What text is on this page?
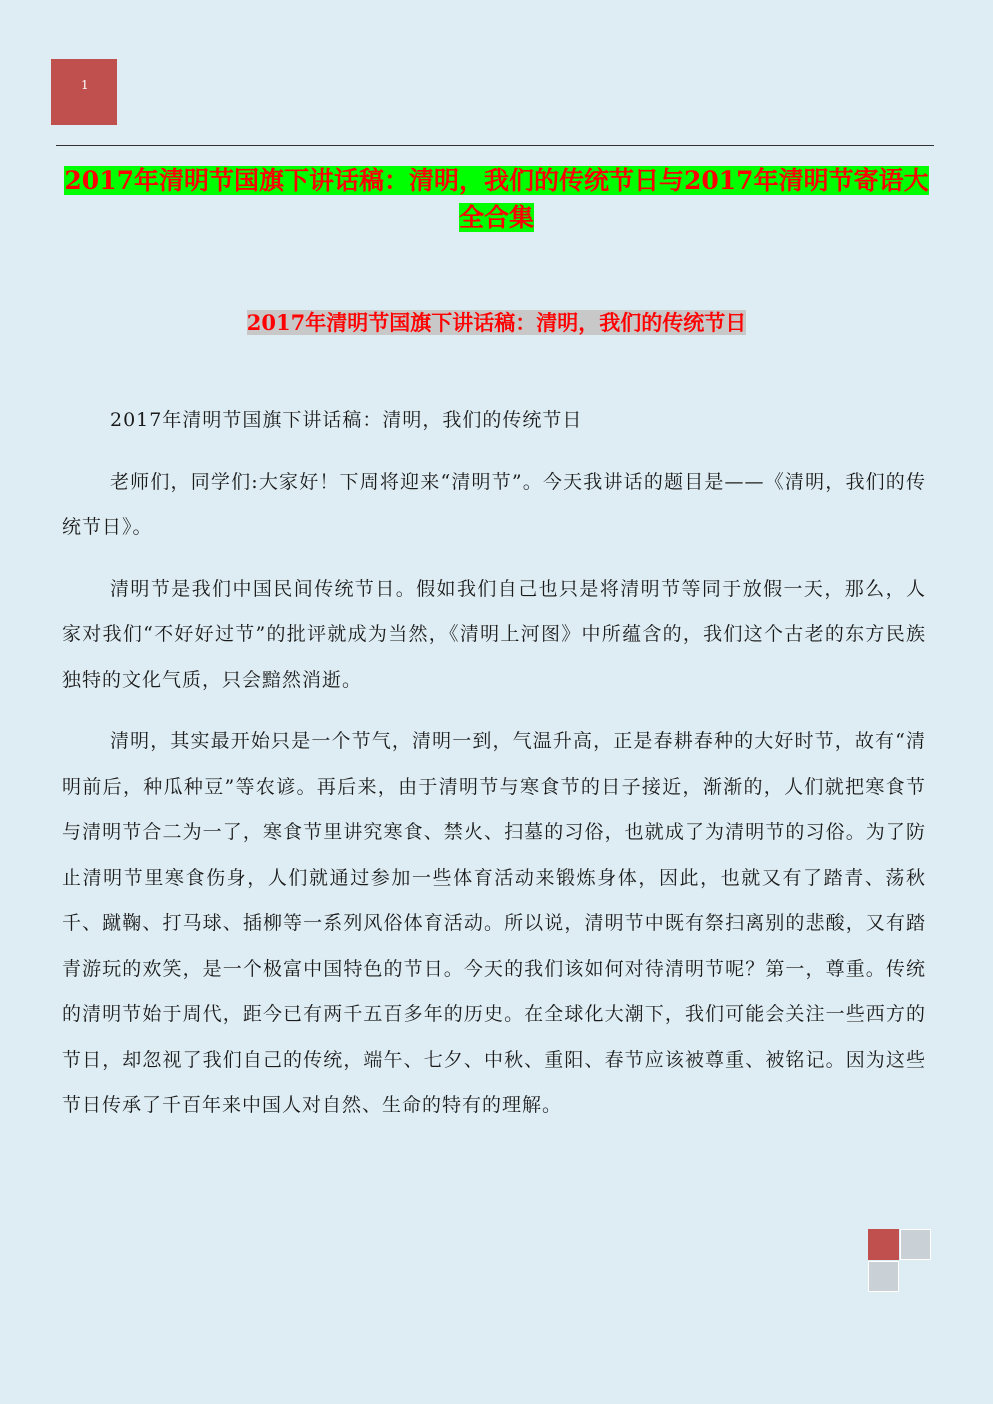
1
2017年清明节国旗下讲话稿：清明，我们的传统节日与2017年清明节寄语大全合集
2017年清明节国旗下讲话稿：清明，我们的传统节日

2017年清明节国旗下讲话稿：清明，我们的传统节日

老师们，同学们:大家好！下周将迎来“清明节”。今天我讲话的题目是——《清明，我们的传统节日》。

清明节是我们中国民间传统节日。假如我们自己也只是将清明节等同于放假一天，那么，人家对我们“不好好过节”的批评就成为当然，《清明上河图》中所蕴含的，我们这个古老的东方民族独特的文化气质，只会黯然消逝。

清明，其实最开始只是一个节气，清明一到，气温升高，正是春耕春种的大好时节，故有“清明前后，种瓜种豆”等农谚。再后来，由于清明节与寒食节的日子接近，渐渐的，人们就把寒食节与清明节合二为一了，寒食节里讲究寒食、禁火、扫墓的习俗，也就成了为清明节的习俗。为了防止清明节里寒食伤身，人们就通过参加一些体育活动来锻炼身体，因此，也就又有了踏青、荡秋千、蹴鞠、打马球、插柳等一系列风俗体育活动。所以说，清明节中既有祭扫离别的悲酸，又有踏青游玩的欢笑，是一个极富中国特色的节日。今天的我们该如何对待清明节呢？第一，尊重。传统的清明节始于周代，距今已有两千五百多年的历史。在全球化大潮下，我们可能会关注一些西方的节日，却忽视了我们自己的传统，端午、七夕、中秋、重阳、春节应该被尊重、被铭记。因为这些节日传承了千百年来中国人对自然、生命的特有的理解。
